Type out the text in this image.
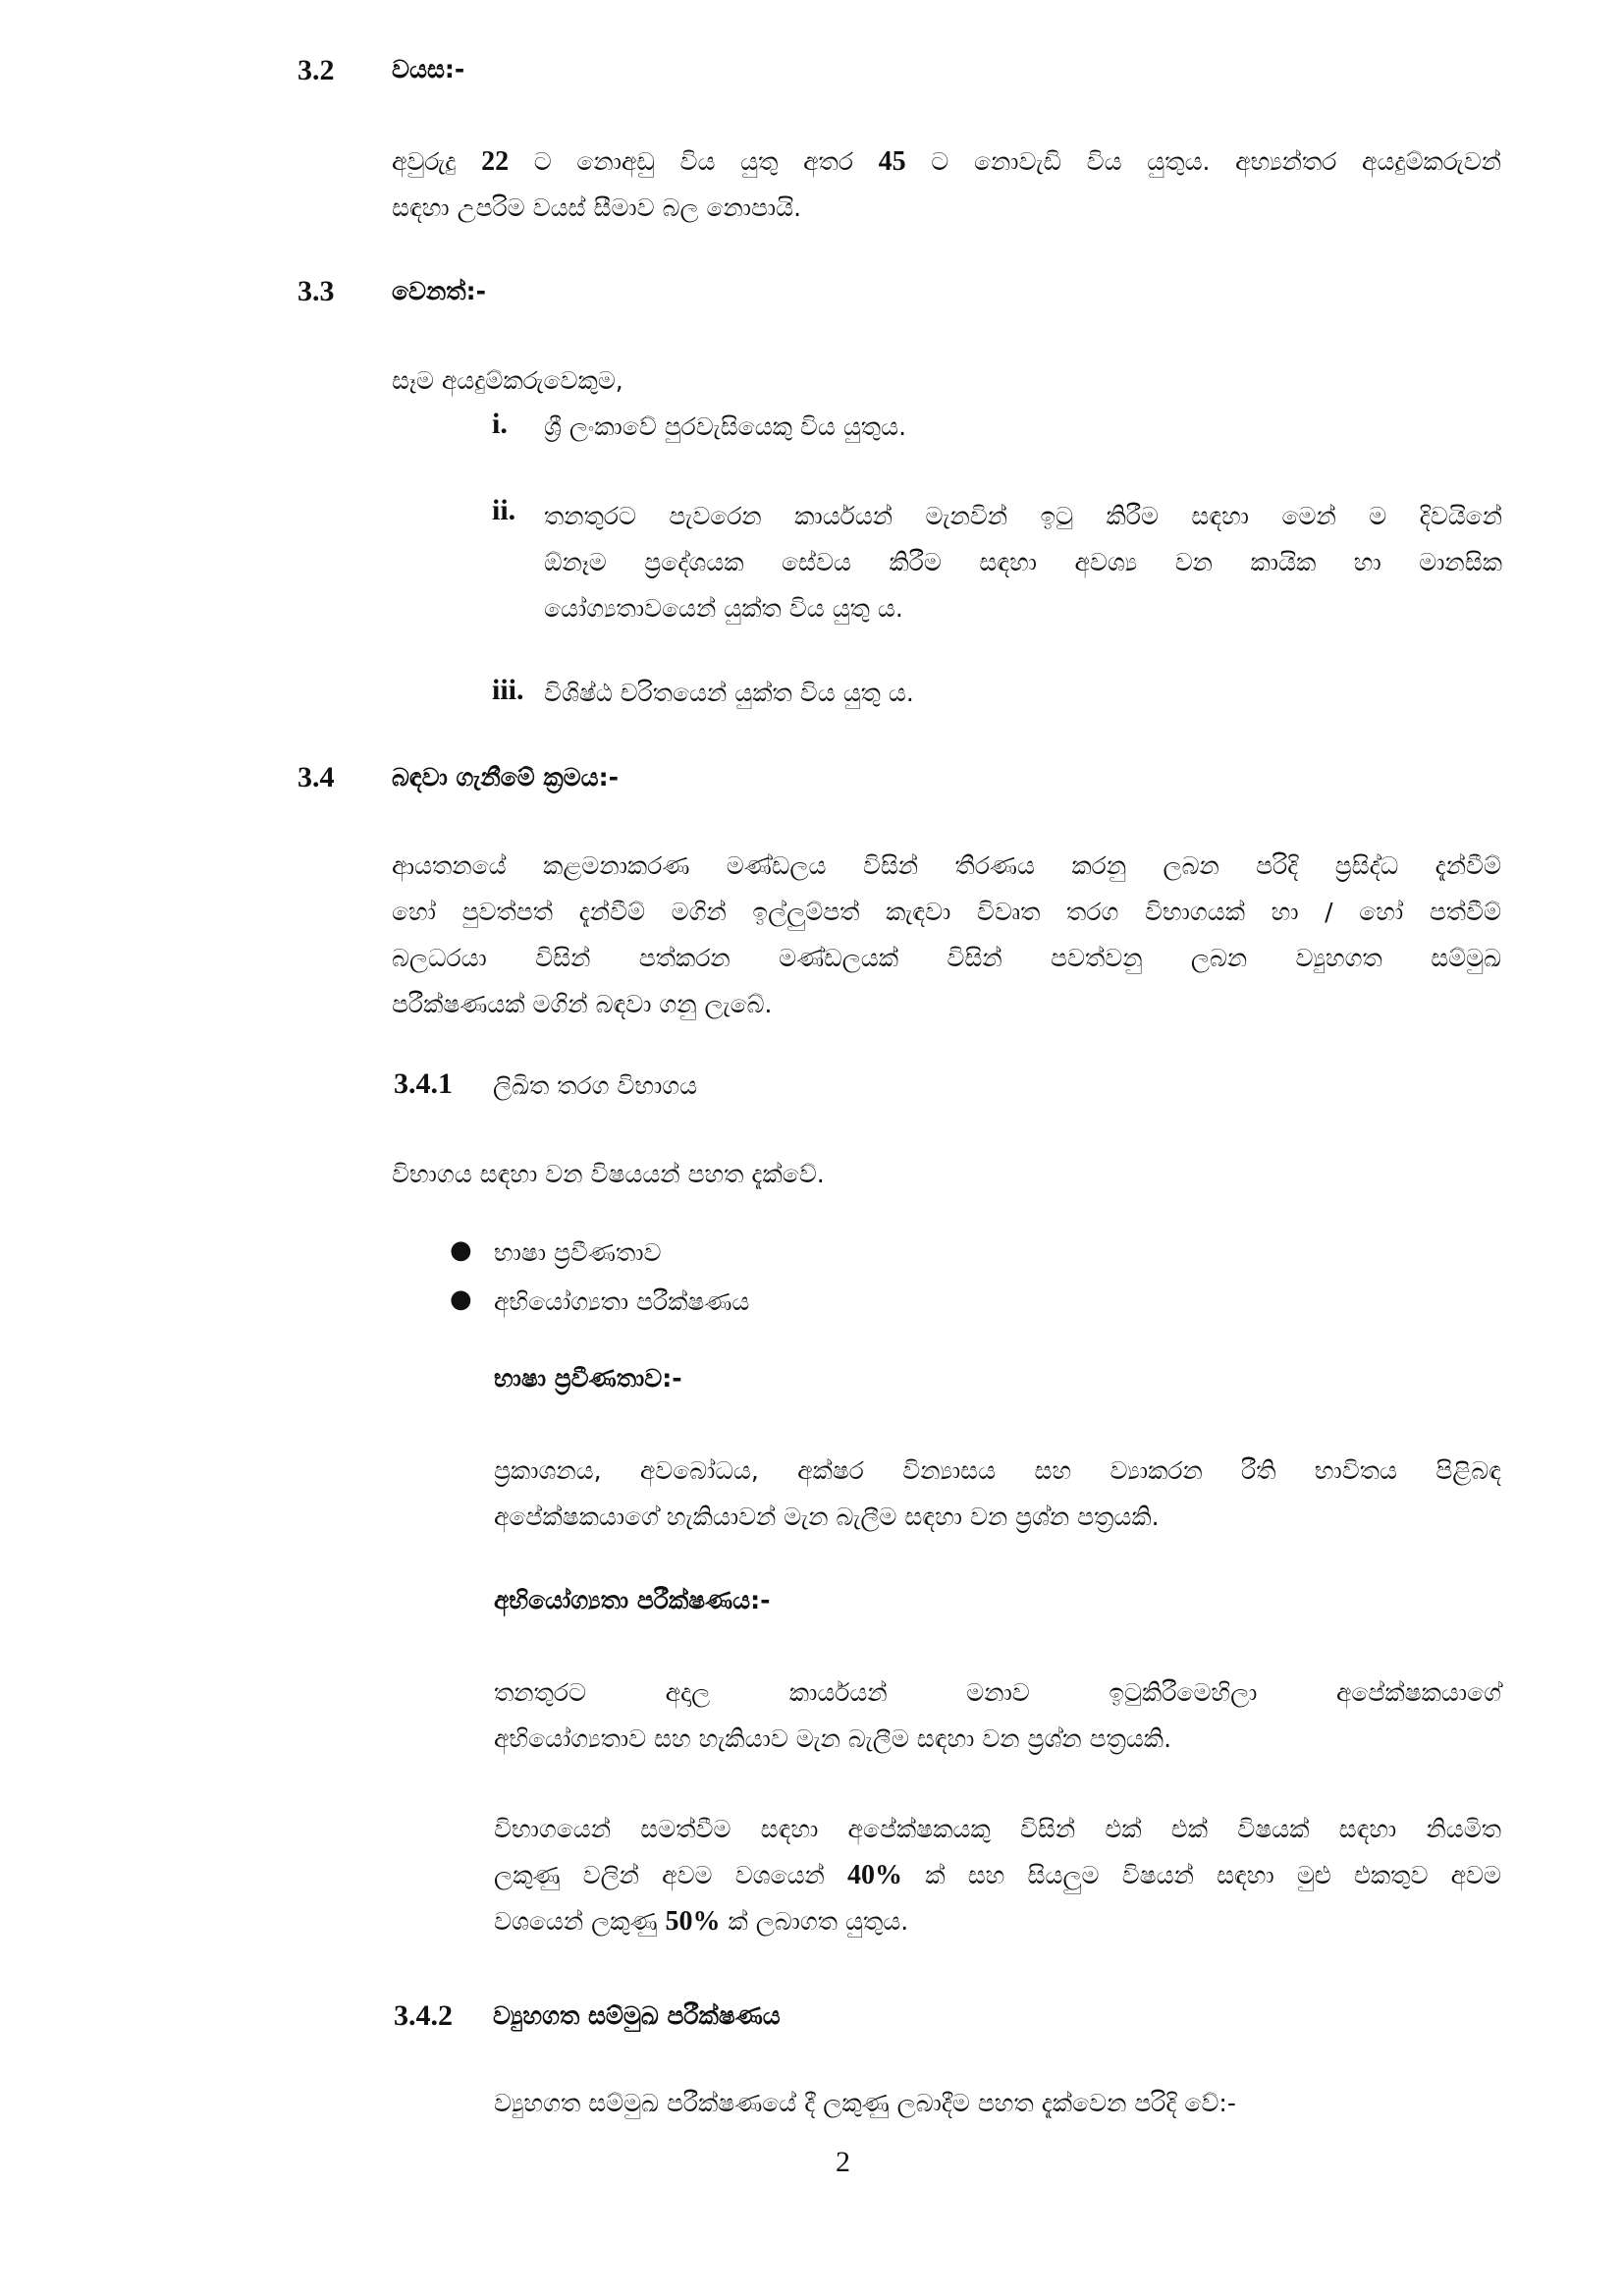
3.2 වයස:-
අවුරුදු 22 ට නොඅඩු විය යුතු අතර 45 ට නොවැඩි විය යුතුය. අභ්‍යන්තර අයදුම්කරුවන්
සඳහා උපරිම වයස් සීමාව බල නොපායි.
3.3 වෙනත්:-
සෑම අයදුම්කරුවෙකුම,
i. ශ්‍රී ලංකාවේ පුරවැසියෙකු විය යුතුය.
ii. තනතුරට පැවරෙන කාර්යයන් මැනවින් ඉටු කිරීම සඳහා මෙන් ම දිවයිනේ
ඕනෑම ප්‍රදේශයක සේවය කිරීම සඳහා අවශ්‍ය වන කායික හා මානසික
යෝග්‍යතාවයෙන් යුක්ත විය යුතු ය.
iii. විශිෂ්ඨ චරිතයෙන් යුක්ත විය යුතු ය.
3.4 බඳවා ගැනීමේ ක්‍රමය:-
ආයතනයේ කළමනාකරණ මණ්ඩලය විසින් තීරණය කරනු ලබන පරිදි ප්‍රසිද්ධ දැන්වීම්
හෝ පුවත්පත් දැන්වීම් මගින් ඉල්ලුම්පත් කැඳවා විවෘත තරග විභාගයක් හා / හෝ පත්වීම්
බලධරයා විසින් පත්කරන මණ්ඩලයක් විසින් පවත්වනු ලබන ව්‍යුහගත සම්මුඛ
පරීක්ෂණයක් මගින් බඳවා ගනු ලැබේ.
3.4.1 ලිඛිත තරග විභාගය
විභාගය සඳහා වන විෂයයන් පහත දැක්වේ.
● භාෂා ප්‍රවීණතාව
● අභියෝග්‍යතා පරීක්ෂණය
භාෂා ප්‍රවීණතාව:-
ප්‍රකාශනය, අවබෝධය, අක්ෂර වින්‍යාසය සහ ව්‍යාකරන රීති භාවිතය පිළිබඳ
අපේක්ෂකයාගේ හැකියාවන් මැන බැලීම සඳහා වන ප්‍රශ්න පත්‍රයකි.
අභියෝග්‍යතා පරීක්ෂණය:-
තනතුරට අදාල කාර්යයන් මනාව ඉටුකිරීමෙහිලා අපේක්ෂකයාගේ
අභියෝග්‍යතාව සහ හැකියාව මැන බැලීම සඳහා වන ප්‍රශ්න පත්‍රයකි.
විභාගයෙන් සමත්වීම සඳහා අපේක්ෂකයකු විසින් එක් එක් විෂයක් සඳහා නියමිත
ලකුණු වලින් අවම වශයෙන් 40% ක් සහ සියලුම විෂයන් සඳහා මුළු එකතුව අවම
වශයෙන් ලකුණු 50% ක් ලබාගත යුතුය.
3.4.2 ව්‍යුහගත සම්මුඛ පරීක්ෂණය
ව්‍යුහගත සම්මුඛ පරීක්ෂණයේ දී ලකුණු ලබාදීම පහත දැක්වෙන පරිදි වේ:-
2
